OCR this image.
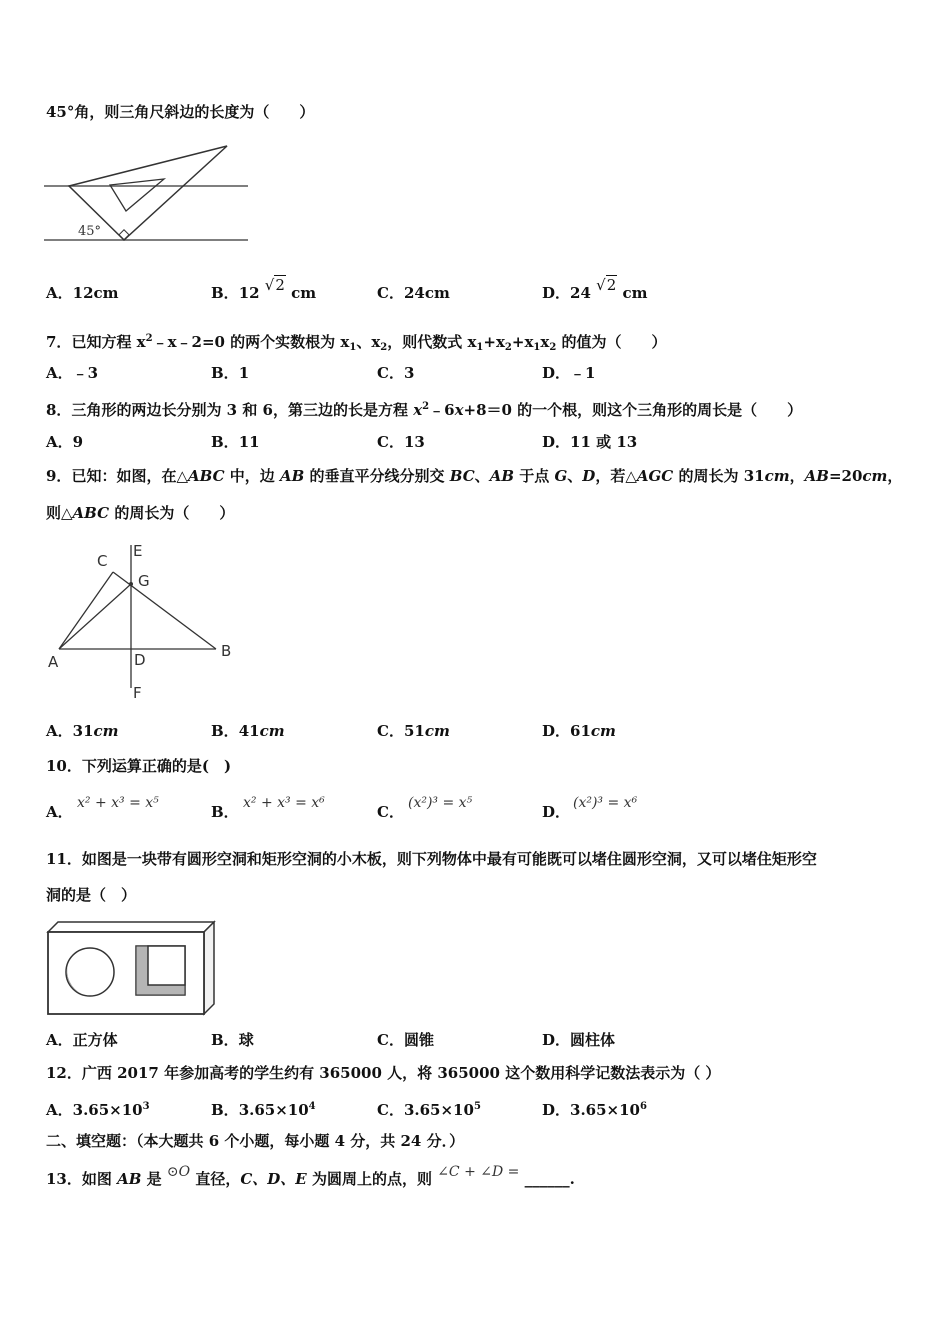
45°角，则三角尺斜边的长度为（　　）
45°
A．12cm	B．12 √2 cm	C．24cm	D．24 √2 cm
7．已知方程 $x^2﹣x﹣2=0$ 的两个实数根为 $x_1$、$x_2$，则代数式 $x_1+x_2+x_1x_2$ 的值为（　　）
A．﹣3	B．1	C．3	D．﹣1
8．三角形的两边长分别为 3 和 6，第三边的长是方程 $x^2﹣6x+8=0$ 的一个根，则这个三角形的周长是（　　）
A．9	B．11	C．13	D．11 或 13
9．已知：如图，在△ABC 中，边 AB 的垂直平分线分别交 BC、AB 于点 G、D，若△AGC 的周长为 31cm，AB=20cm，
则△ABC 的周长为（　　）
C
E
G
A	D	B
F
A．31cm	B．41cm	C．51cm	D．61cm
10．下列运算正确的是(　)
A． x² + x³ = x⁵	B． x² + x³ = x⁶	C． (x²)³ = x⁵	D． (x²)³ = x⁶
11．如图是一块带有圆形空洞和矩形空洞的小木板，则下列物体中最有可能既可以堵住圆形空洞，又可以堵住矩形空
洞的是（　）
A．正方体	B．球	C．圆锥	D．圆柱体
12．广西 2017 年参加高考的学生约有 365000 人，将 365000 这个数用科学记数法表示为（ ）
A．$3.65\times 10^3$	B．$3.65\times 10^4$	C．$3.65\times 10^5$	D．$3.65\times 10^6$
二、填空题：（本大题共 6 个小题，每小题 4 分，共 24 分．）
13．如图 AB 是 ⊙O 直径，C、D、E 为圆周上的点，则 ∠C + ∠D = ______.
